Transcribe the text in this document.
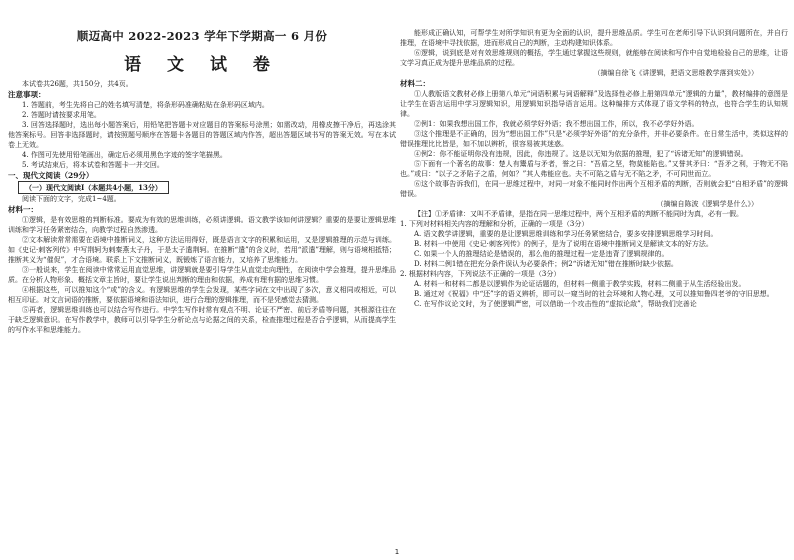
顺迈高中 2022-2023 学年下学期高一 6 月份
语 文 试 卷

本试卷共26题，共150分，共4页。

注意事项：

1. 答题前，考生先将自己的姓名填写清楚，将条形码准确粘贴在条形码区域内。

2. 答题时请按要求用笔。

3. 回答选择题时，选出每小题答案后，用铅笔把答题卡对应题目的答案标号涂黑；如需改动，用橡皮擦干净后，再选涂其他答案标号。回答非选择题时，请按照题号顺序在答题卡各题目的答题区域内作答，超出答题区域书写的答案无效。写在本试卷上无效。

4. 作图可先使用铅笔画出，确定后必须用黑色字迹的签字笔描黑。

5. 考试结束后，将本试卷和答题卡一并交回。

一、现代文阅读（29分）
（一）现代文阅读Ⅰ（本题共4小题，13分）

阅读下面的文字，完成1~4题。

材料一：

①逻辑，是有效思维的判断标准。要成为有效的思维训练，必须讲逻辑。语文教学该如何讲逻辑？重要的是要让逻辑思维训练和学习任务紧密结合，向教学过程自然渗透。

②文本解读常常需要在语境中推断词义，这种方法运用得好，既是语言文字的积累和运用，又是逻辑推理的示范与训练。如《史记·刺客列传》中写荆轲为刺秦燕太子丹，于是太子遣荆轲。在推断“遣”的含义时，若用“派遣”理解，则与语境相抵牾；推断其义为“催促”，才合语境。联系上下文推断词义，既锻炼了语言能力，又培养了思维能力。

③一般说来，学生在阅读中常常运用直觉思维，讲逻辑就是要引导学生从直觉走向理性，在阅读中学会推理，提升思维品质。在分析人物形象、概括文章主旨时，要让学生说出判断的理由和依据，养成有理有据的思维习惯。

④根据这些，可以推知这个“或”的含义。有逻辑思维的学生会发现，某些字词在文中出现了多次，意义相同或相近，可以相互印证。对文言词语的推断，要依据语境和语法知识，进行合理的逻辑推理，而不是凭感觉去猜测。

⑤再者，逻辑思维训练也可以结合写作进行。中学生写作时常有观点不明、论证不严密、前后矛盾等问题，其根源往往在于缺乏逻辑意识。在写作教学中，教师可以引导学生分析论点与论据之间的关系，检查推理过程是否合乎逻辑，从而提高学生的写作水平和思维能力。

能形成正确认知，可帮学生对所学知识有更为全面的认识，提升思维品质。学生可在老师引导下认识到问题所在，并自行推理，在语境中寻找依据，进而形成自己的判断，主动构建知识体系。

⑥逻辑，说到底是对有效思维规则的概括，学生通过掌握这些规则，就能够在阅读和写作中自觉地检验自己的思维，让语文学习真正成为提升思维品质的过程。

（摘编自徐飞《讲逻辑，把语文思维教学落到实处》）
材料二：

①人教版语文教材必修上册第八单元“词语积累与词语解释”及选择性必修上册第四单元“逻辑的力量”，教材编排的意图是让学生在语言运用中学习逻辑知识，用逻辑知识指导语言运用。这种编排方式体现了语文学科的特点，也符合学生的认知规律。

②例1：如果我想出国工作，我就必须学好外语；我不想出国工作，所以，我不必学好外语。

③这个推理是不正确的，因为“想出国工作”只是“必须学好外语”的充分条件，并非必要条件。在日常生活中，类似这样的错误推理比比皆是，如不加以辨析，很容易被其迷惑。

④例2：你不能证明你没有违规，因此，你违规了。这是以无知为依据的推理，犯了“诉诸无知”的逻辑错误。

⑤下面有一个著名的故事：楚人有鬻盾与矛者，誉之曰：“吾盾之坚，物莫能陷也。”又誉其矛曰：“吾矛之利，于物无不陷也。”或曰：“以子之矛陷子之盾，何如？”其人弗能应也。夫不可陷之盾与无不陷之矛，不可同世而立。

⑥这个故事告诉我们，在同一思维过程中，对同一对象不能同时作出两个互相矛盾的判断，否则就会犯“自相矛盾”的逻辑错误。

（摘编自陈波《逻辑学是什么》）

【注】①矛盾律：又叫不矛盾律，是指在同一思维过程中，两个互相矛盾的判断不能同时为真，必有一假。

1. 下列对材料相关内容的理解和分析，正确的一项是（3分）

A. 语文教学讲逻辑，重要的是让逻辑思维训练和学习任务紧密结合，要多安排逻辑思维学习时间。

B. 材料一中使用《史记·刺客列传》的例子，是为了说明在语境中推断词义是解读文本的好方法。

C. 如果一个人的推理结论是错误的，那么他的推理过程一定是违背了逻辑规律的。

D. 材料二例1错在把充分条件误认为必要条件；例2“诉诸无知”错在推断时缺少依据。

2. 根据材料内容，下列说法不正确的一项是（3分）

A. 材料一和材料二都是以逻辑作为论证话题的，但材料一侧重于教学实践，材料二侧重于从生活经验出发。

B. 通过对《祝福》中“还”字的语义辨析，即可以一窥当时的社会环境和人物心理，又可以推知鲁四老爷的守旧思想。

C. 在写作议论文时，为了使逻辑严密，可以借助一个攻击性的“虚拟论敌”，帮助我们完善论

1
